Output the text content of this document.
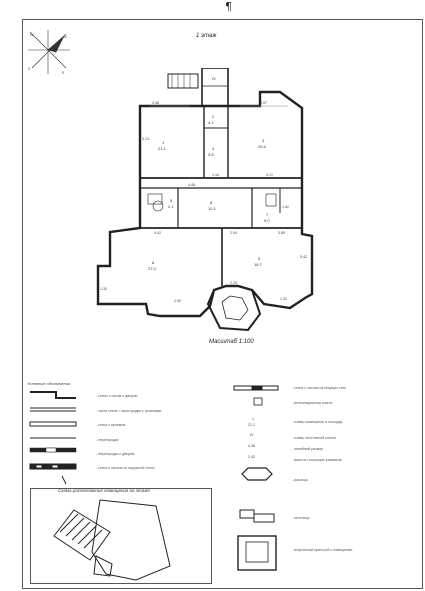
¶
N
S
E
W	1 этаж
1
21.1
2
4.1
3
29.4
4
3.8
5
2.1
6
11.3
7
9.0
8
27.0
9
18.7
IV
4.38	3.97
3.13
4.72
4.46
1.16
4.42	2.04	3.85
2.90
1.30
2.29
1.32
5.42
1.42
Масштаб 1:100
Условные обозначения
- стены с окном и дверью
- части стены / перегородки с проемами
- стена с проемом
- перегородка
- перегородка с дверью
- стена с частью из наружной стены
1
21.2
IV
4.36
2.42
- стена с частью из несущих стен
- вентиляционная шахта
- номер помещения и площадь
- номер лестничной клетки
- линейный размер
- высота с помощью размеров
- крыльцо
- лестница
- встроенный пристрой к помещению
Схема расположения помещения на этаже
